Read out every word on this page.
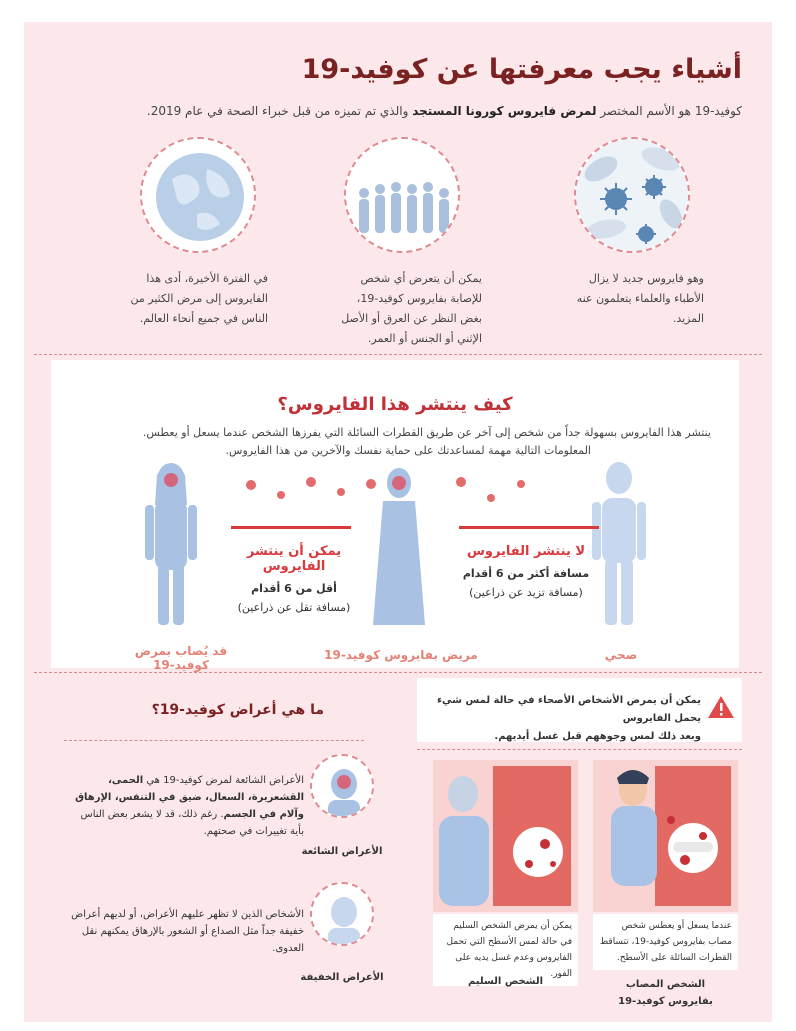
أشياء يجب معرفتها عن كوفيد-19
كوفيد-19 هو الأسم المختصر لمرض فايروس كورونا المستجد والذي تم تميزه من قبل خبراء الصحة في عام 2019.
وهو فايروس جديد لا يزال الأطباء والعلماء يتعلمون عنه المزيد.
يمكن أن يتعرض أي شخص للإصابة بفايروس كوفيد-19، بغض النظر عن العرق أو الأصل الإثني أو الجنس أو العمر.
في الفترة الأخيرة، أدى هذا الفايروس إلى مرض الكثير من الناس في جميع أنحاء العالم.
كيف ينتشر هذا الفايروس؟
ينتشر هذا الفايروس بسهولة جداً من شخص إلى آخر عن طريق القطرات السائلة التي يفرزها الشخص عندما يسعل أو يعطس.
المعلومات التالية مهمة لمساعدتك على حماية نفسك والآخرين من هذا الفايروس.
يمكن أن ينتشر الفايروس
أقل من 6 أقدام
(مسافة تقل عن ذراعين)
لا ينتشر الفايروس
مسافة أكثر من 6 أقدام
(مسافة تزيد عن ذراعين)
قد يُصاب بمرض كوفيد-19
مريض بفايروس كوفيد-19	صحي
يمكن أن يمرض الأشخاص الأصحاء في حالة لمس شيء يحمل الفايروس
وبعد ذلك لمس وجوههم قبل غسل أيديهم.
عندما يسعل أو يعطس شخص مصاب بفايروس كوفيد-19، تتساقط القطرات السائلة على الأسطح.
يمكن أن يمرض الشخص السليم في حالة لمس الأسطح التي تحمل الفايروس وعدم غسل يديه على الفور.
الشخص المصاب
بفايروس كوفيد-19
الشخص السليم
ما هي أعراض كوفيد-19؟
الأعراض الشائعة
الأعراض الشائعة لمرض كوفيد-19 هي الحمى، القشعريرة، السعال، ضيق في التنفس، الإرهاق وآلام في الجسم. رغم ذلك، قد لا يشعر بعض الناس بأية تغييرات في صحتهم.
الأعراض الخفيفة
الأشخاص الذين لا تظهر عليهم الأعراض، أو لديهم أعراض خفيفة جداً مثل الصداع أو الشعور بالإرهاق يمكنهم نقل العدوى.
